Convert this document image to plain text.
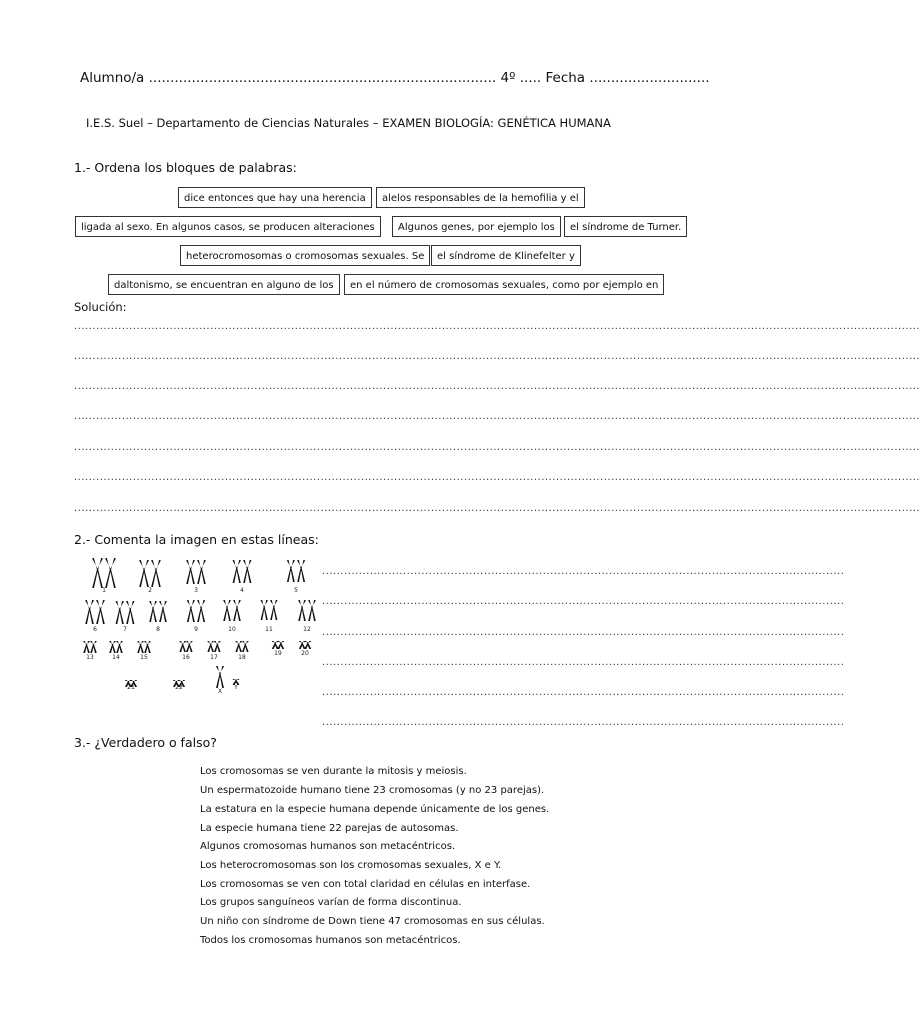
Alumno/a ................................................................................. 4º ..... Fecha ............................
I.E.S. Suel – Departamento de Ciencias Naturales – EXAMEN BIOLOGÍA: GENÉTICA HUMANA
1.- Ordena los bloques de palabras:
dice entonces que hay una herencia	alelos responsables de la hemofilia y el
ligada al sexo. En algunos casos, se producen alteraciones	Algunos genes, por ejemplo los	el síndrome de Turner.
heterocromosomas o cromosomas sexuales. Se	el síndrome de Klinefelter y
daltonismo, se encuentran en alguno de los	en el número de cromosomas sexuales, como por ejemplo en
Solución:
......................................................................................................................................................................................................................................
......................................................................................................................................................................................................................................
......................................................................................................................................................................................................................................
......................................................................................................................................................................................................................................
......................................................................................................................................................................................................................................
......................................................................................................................................................................................................................................
......................................................................................................................................................................................................................................
2.- Comenta la imagen en estas líneas:
1	2	3	4	5
6	7	8	9	10	11	12
13	14	15	16	17	18
19	20
21	22
X
Y
..............................................................................................................................................
..............................................................................................................................................
..............................................................................................................................................
..............................................................................................................................................
..............................................................................................................................................
..............................................................................................................................................
3.- ¿Verdadero o falso?
Los cromosomas se ven durante la mitosis y meiosis.
Un espermatozoide humano tiene 23 cromosomas (y no 23 parejas).
La estatura en la especie humana depende únicamente de los genes.
La especie humana tiene 22 parejas de autosomas.
Algunos cromosomas humanos son metacéntricos.
Los heterocromosomas son los cromosomas sexuales, X e Y.
Los cromosomas se ven con total claridad en células en interfase.
Los grupos sanguíneos varían de forma discontinua.
Un niño con síndrome de Down tiene 47 cromosomas en sus células.
Todos los cromosomas humanos son metacéntricos.
